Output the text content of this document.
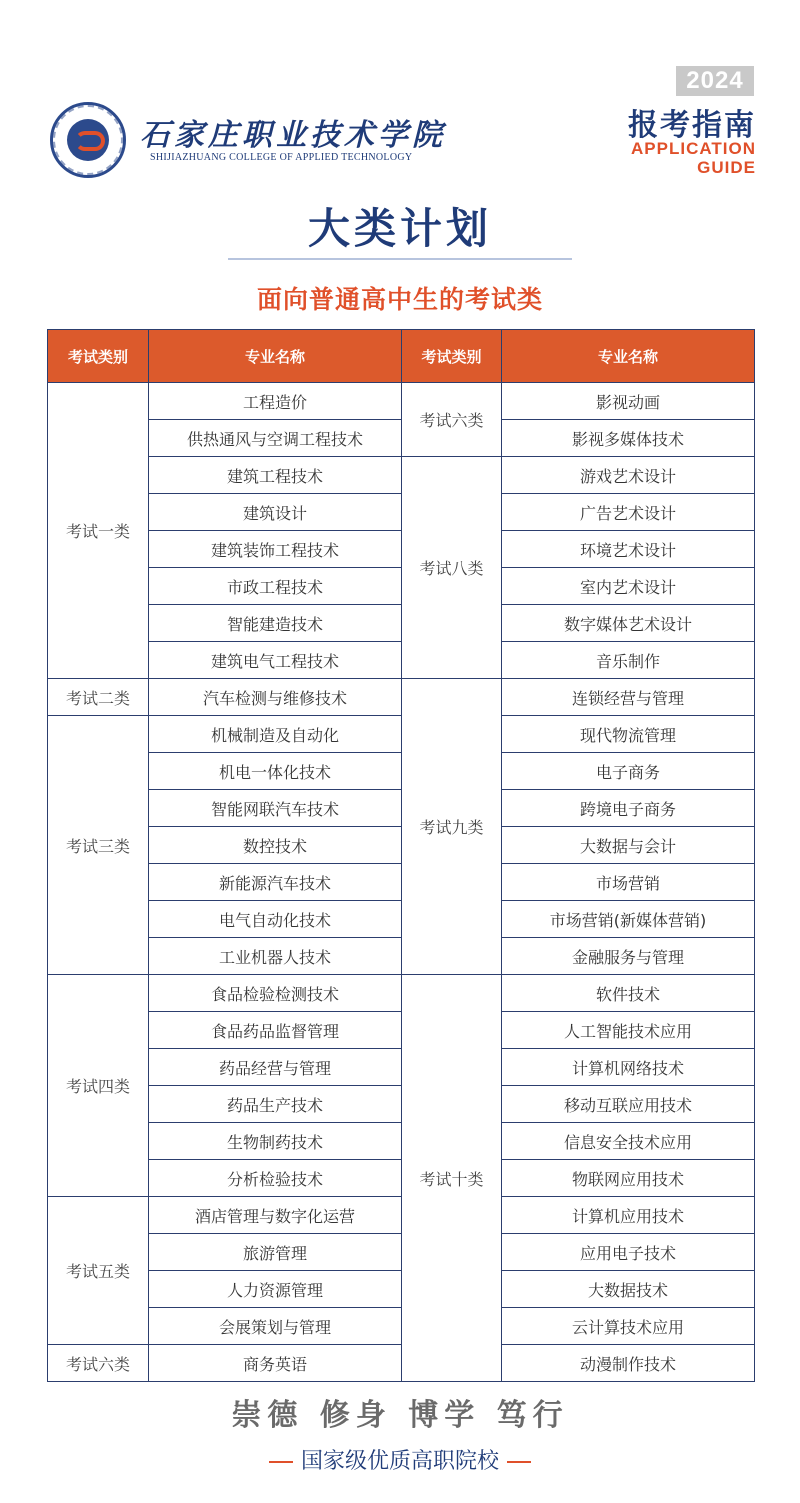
石家庄职业技术学院
SHIJIAZHUANG COLLEGE OF APPLIED TECHNOLOGY
2024
报考指南
APPLICATION
GUIDE
大类计划
面向普通高中生的考试类
考试类别	专业名称	考试类别	专业名称
考试一类	工程造价	考试六类	影视动画
	供热通风与空调工程技术		影视多媒体技术
	建筑工程技术	考试八类	游戏艺术设计
	建筑设计		广告艺术设计
	建筑装饰工程技术		环境艺术设计
	市政工程技术		室内艺术设计
	智能建造技术		数字媒体艺术设计
	建筑电气工程技术		音乐制作
考试二类	汽车检测与维修技术	考试九类	连锁经营与管理
考试三类	机械制造及自动化		现代物流管理
	机电一体化技术		电子商务
	智能网联汽车技术		跨境电子商务
	数控技术		大数据与会计
	新能源汽车技术		市场营销
	电气自动化技术		市场营销(新媒体营销)
	工业机器人技术		金融服务与管理
考试四类	食品检验检测技术	考试十类	软件技术
	食品药品监督管理		人工智能技术应用
	药品经营与管理		计算机网络技术
	药品生产技术		移动互联应用技术
	生物制药技术		信息安全技术应用
	分析检验技术		物联网应用技术
考试五类	酒店管理与数字化运营		计算机应用技术
	旅游管理		应用电子技术
	人力资源管理		大数据技术
	会展策划与管理		云计算技术应用
考试六类	商务英语		动漫制作技术
崇德 修身 博学 笃行
国家级优质高职院校
